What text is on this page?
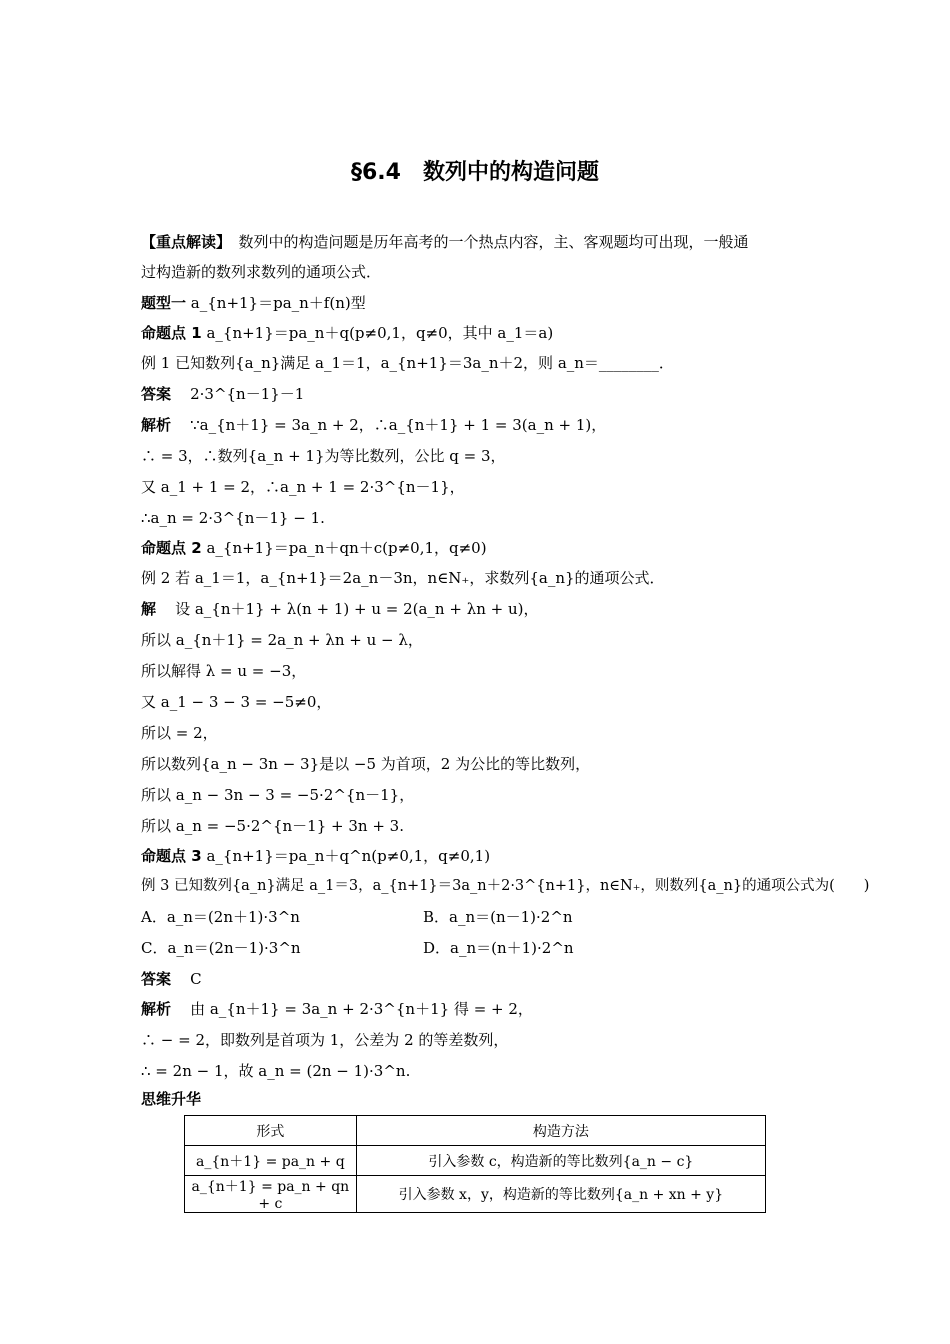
§6.4　数列中的构造问题
【重点解读】　数列中的构造问题是历年高考的一个热点内容，主、客观题均可出现，一般通
过构造新的数列求数列的通项公式．
题型一 a_{n+1}＝pa_n＋f(n)型
命题点 1 a_{n+1}＝pa_n＋q(p≠0,1，q≠0，其中 a_1＝a)
例 1 已知数列{a_n}满足 a_1＝1，a_{n+1}＝3a_n＋2，则 a_n＝________．
答案 2·3^{n－1}－1
解析 ∵a_{n＋1} = 3a_n + 2，∴a_{n＋1} + 1 = 3(a_n + 1)，
∴ = 3，∴数列{a_n + 1}为等比数列，公比 q = 3，
又 a_1 + 1 = 2，∴a_n + 1 = 2·3^{n－1}，
∴a_n = 2·3^{n－1} − 1.
命题点 2 a_{n+1}＝pa_n＋qn＋c(p≠0,1，q≠0)
例 2 若 a_1＝1，a_{n+1}＝2a_n－3n，n∈N₊，求数列{a_n}的通项公式．
解 设 a_{n＋1} + λ(n + 1) + u = 2(a_n + λn + u)，
所以 a_{n＋1} = 2a_n + λn + u − λ，
所以解得 λ = u = −3，
又 a_1 − 3 − 3 = −5≠0，
所以 = 2，
所以数列{a_n − 3n − 3}是以 −5 为首项，2 为公比的等比数列，
所以 a_n − 3n − 3 = −5·2^{n－1}，
所以 a_n = −5·2^{n－1} + 3n + 3.
命题点 3 a_{n+1}＝pa_n＋q^n(p≠0,1，q≠0,1)
例 3 已知数列{a_n}满足 a_1＝3，a_{n+1}＝3a_n＋2·3^{n+1}，n∈N₊，则数列{a_n}的通项公式为(　　)
A．a_n＝(2n＋1)·3^n	B．a_n＝(n－1)·2^n
C．a_n＝(2n－1)·3^n	D．a_n＝(n＋1)·2^n
答案 C
解析 由 a_{n＋1} = 3a_n + 2·3^{n＋1} 得 = + 2，
∴ − = 2，即数列是首项为 1，公差为 2 的等差数列，
∴ = 2n − 1，故 a_n = (2n − 1)·3^n.
思维升华
形式	构造方法
a_{n＋1} = pa_n + q	引入参数 c，构造新的等比数列{a_n − c}
a_{n＋1} = pa_n + qn + c	引入参数 x，y，构造新的等比数列{a_n + xn + y}
